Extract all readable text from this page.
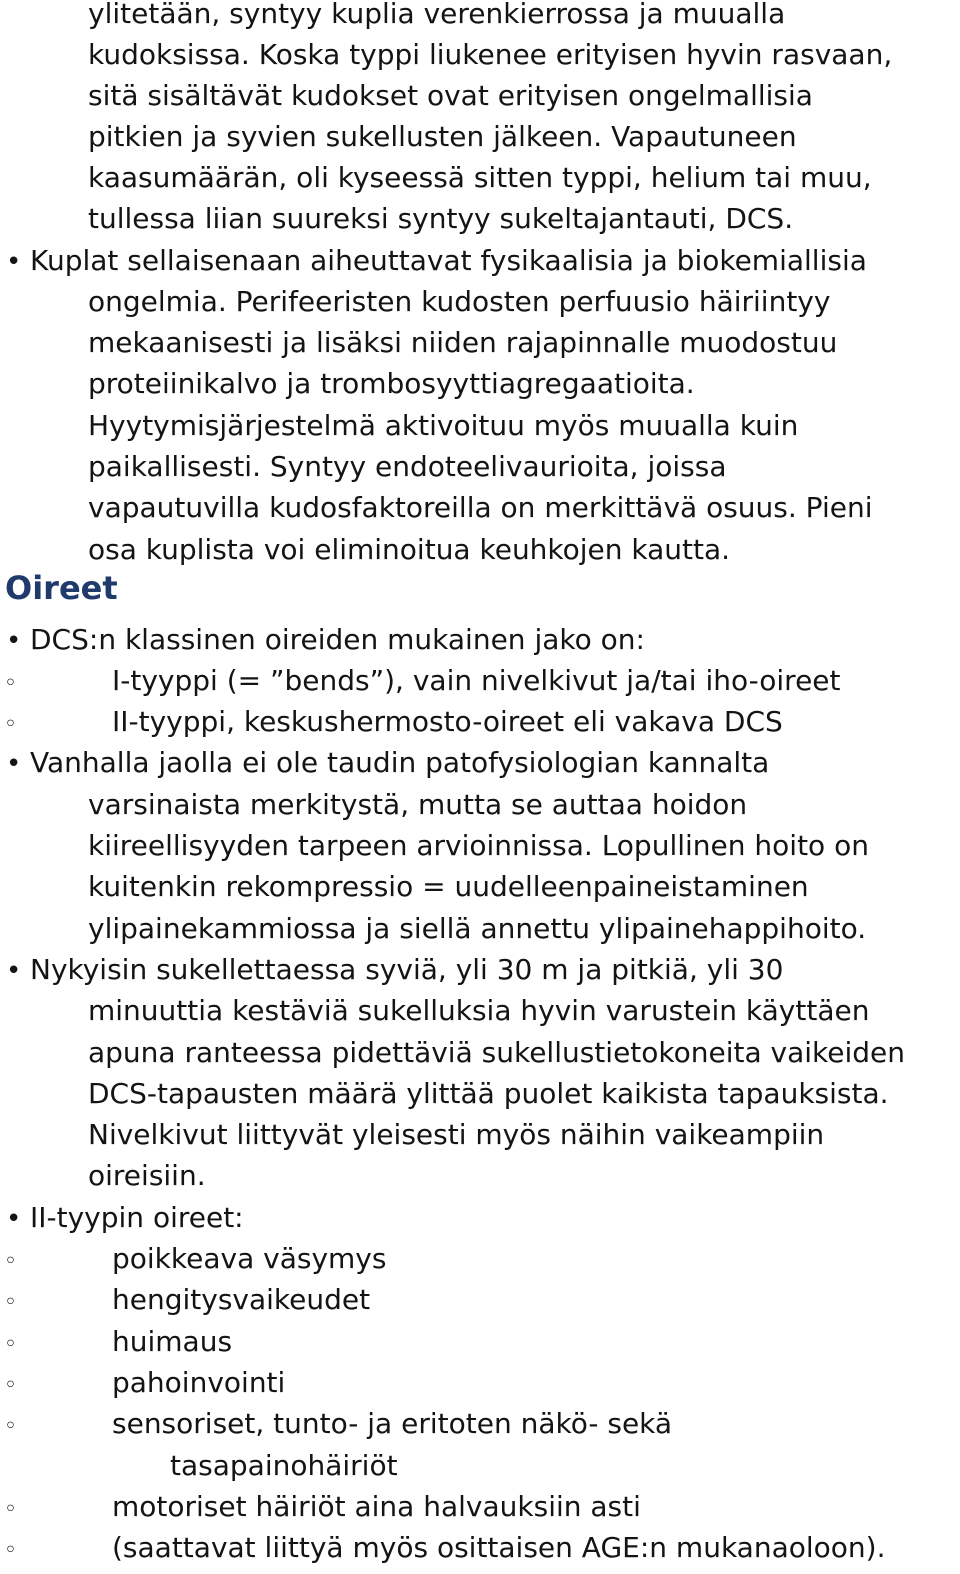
ylitetään, syntyy kuplia verenkierrossa ja muualla
kudoksissa. Koska typpi liukenee erityisen hyvin rasvaan,
sitä sisältävät kudokset ovat erityisen ongelmallisia
pitkien ja syvien sukellusten jälkeen. Vapautuneen
kaasumäärän, oli kyseessä sitten typpi, helium tai muu,
tullessa liian suureksi syntyy sukeltajantauti, DCS.
• Kuplat sellaisenaan aiheuttavat fysikaalisia ja biokemiallisia
ongelmia. Perifeeristen kudosten perfuusio häiriintyy
mekaanisesti ja lisäksi niiden rajapinnalle muodostuu
proteiinikalvo ja trombosyyttiagregaatioita.
Hyytymisjärjestelmä aktivoituu myös muualla kuin
paikallisesti. Syntyy endoteelivaurioita, joissa
vapautuvilla kudosfaktoreilla on merkittävä osuus. Pieni
osa kuplista voi eliminoitua keuhkojen kautta.
Oireet
• DCS:n klassinen oireiden mukainen jako on:
◦	I-tyyppi (= ”bends”), vain nivelkivut ja/tai iho-oireet
◦	II-tyyppi, keskushermosto-oireet eli vakava DCS
• Vanhalla jaolla ei ole taudin patofysiologian kannalta
varsinaista merkitystä, mutta se auttaa hoidon
kiireellisyyden tarpeen arvioinnissa. Lopullinen hoito on
kuitenkin rekompressio = uudelleenpaineistaminen
ylipainekammiossa ja siellä annettu ylipainehappihoito.
• Nykyisin sukellettaessa syviä, yli 30 m ja pitkiä, yli 30
minuuttia kestäviä sukelluksia hyvin varustein käyttäen
apuna ranteessa pidettäviä sukellustietokoneita vaikeiden
DCS-tapausten määrä ylittää puolet kaikista tapauksista.
Nivelkivut liittyvät yleisesti myös näihin vaikeampiin
oireisiin.
• II-tyypin oireet:
◦	poikkeava väsymys
◦	hengitysvaikeudet
◦	huimaus
◦	pahoinvointi
◦	sensoriset, tunto- ja eritoten näkö- sekä
tasapainohäiriöt
◦	motoriset häiriöt aina halvauksiin asti
◦	(saattavat liittyä myös osittaisen AGE:n mukanaoloon).
